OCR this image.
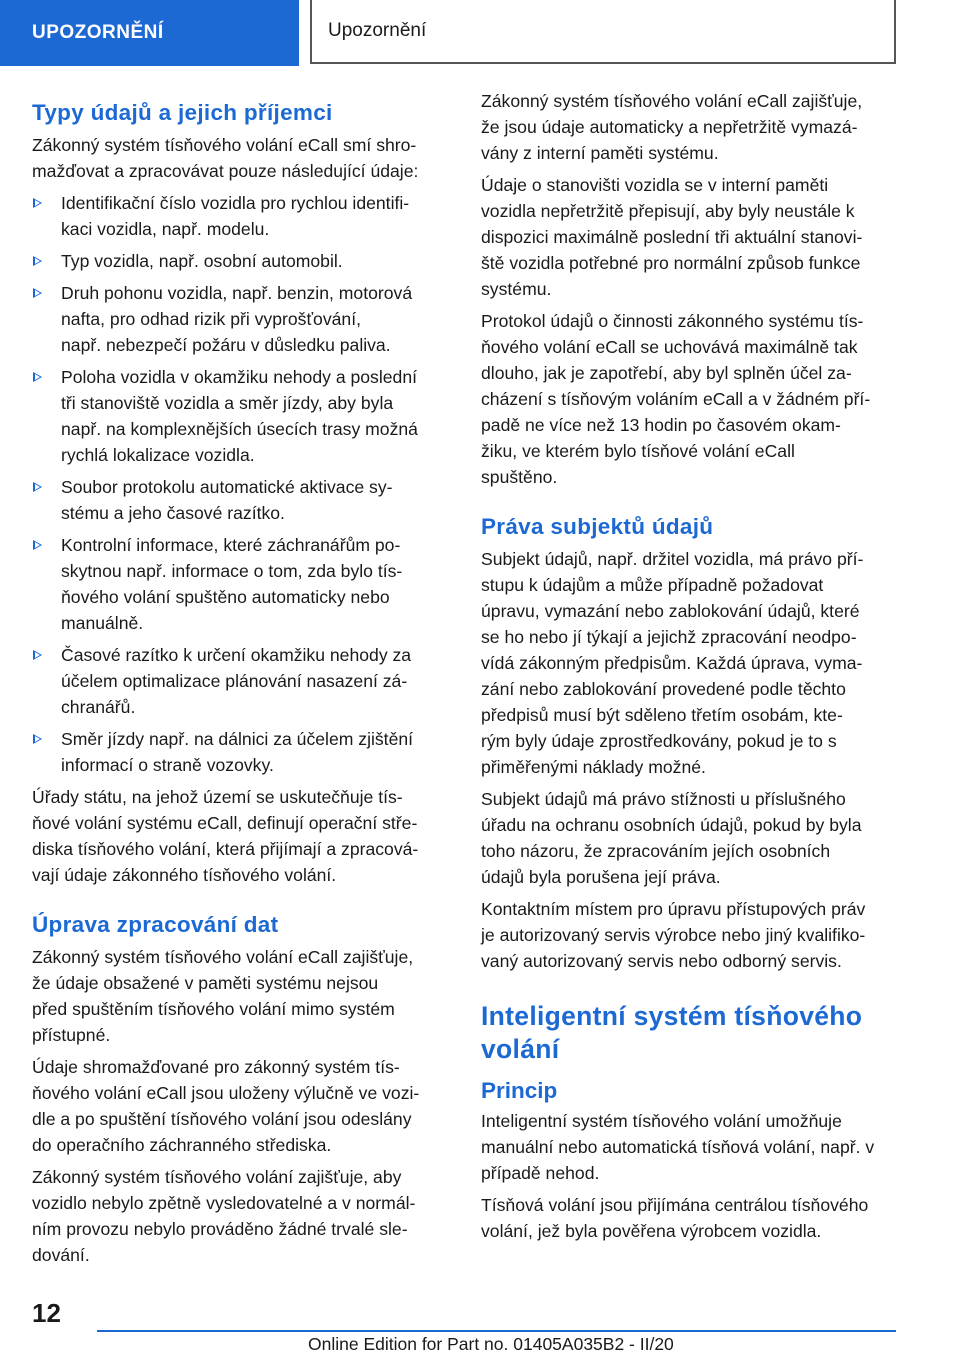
UPOZORNĚNÍ	Upozornění
Typy údajů a jejich příjemci

Zákonný systém tísňového volání eCall smí shro-
mažďovat a zpracovávat pouze následující údaje:

Identifikační číslo vozidla pro rychlou identifi-
kaci vozidla, např. modelu.
Typ vozidla, např. osobní automobil.
Druh pohonu vozidla, např. benzin, motorová
nafta, pro odhad rizik při vyprošťování,
např. nebezpečí požáru v důsledku paliva.
Poloha vozidla v okamžiku nehody a poslední
tři stanoviště vozidla a směr jízdy, aby byla
např. na komplexnějších úsecích trasy možná
rychlá lokalizace vozidla.
Soubor protokolu automatické aktivace sy-
stému a jeho časové razítko.
Kontrolní informace, které záchranářům po-
skytnou např. informace o tom, zda bylo tís-
ňového volání spuštěno automaticky nebo
manuálně.
Časové razítko k určení okamžiku nehody za
účelem optimalizace plánování nasazení zá-
chranářů.
Směr jízdy např. na dálnici za účelem zjištění
informací o straně vozovky.

Úřady státu, na jehož území se uskutečňuje tís-
ňové volání systému eCall, definují operační stře-
diska tísňového volání, která přijímají a zpracová-
vají údaje zákonného tísňového volání.

Úprava zpracování dat

Zákonný systém tísňového volání eCall zajišťuje,
že údaje obsažené v paměti systému nejsou
před spuštěním tísňového volání mimo systém
přístupné.

Údaje shromažďované pro zákonný systém tís-
ňového volání eCall jsou uloženy výlučně ve vozi-
dle a po spuštění tísňového volání jsou odeslány
do operačního záchranného střediska.

Zákonný systém tísňového volání zajišťuje, aby
vozidlo nebylo zpětně vysledovatelné a v normál-
ním provozu nebylo prováděno žádné trvalé sle-
dování.

Zákonný systém tísňového volání eCall zajišťuje,
že jsou údaje automaticky a nepřetržitě vymazá-
vány z interní paměti systému.

Údaje o stanovišti vozidla se v interní paměti
vozidla nepřetržitě přepisují, aby byly neustále k
dispozici maximálně poslední tři aktuální stanovi-
ště vozidla potřebné pro normální způsob funkce
systému.

Protokol údajů o činnosti zákonného systému tís-
ňového volání eCall se uchovává maximálně tak
dlouho, jak je zapotřebí, aby byl splněn účel za-
cházení s tísňovým voláním eCall a v žádném pří-
padě ne více než 13 hodin po časovém okam-
žiku, ve kterém bylo tísňové volání eCall
spuštěno.

Práva subjektů údajů

Subjekt údajů, např. držitel vozidla, má právo pří-
stupu k údajům a může případně požadovat
úpravu, vymazání nebo zablokování údajů, které
se ho nebo jí týkají a jejichž zpracování neodpo-
vídá zákonným předpisům. Každá úprava, vyma-
zání nebo zablokování provedené podle těchto
předpisů musí být sděleno třetím osobám, kte-
rým byly údaje zprostředkovány, pokud je to s
přiměřenými náklady možné.

Subjekt údajů má právo stížnosti u příslušného
úřadu na ochranu osobních údajů, pokud by byla
toho názoru, že zpracováním jejích osobních
údajů byla porušena její práva.

Kontaktním místem pro úpravu přístupových práv
je autorizovaný servis výrobce nebo jiný kvalifiko-
vaný autorizovaný servis nebo odborný servis.

Inteligentní systém tísňového
volání
Princip

Inteligentní systém tísňového volání umožňuje
manuální nebo automatická tísňová volání, např. v
případě nehod.

Tísňová volání jsou přijímána centrálou tísňového
volání, jež byla pověřena výrobcem vozidla.

12
Online Edition for Part no. 01405A035B2 - II/20
